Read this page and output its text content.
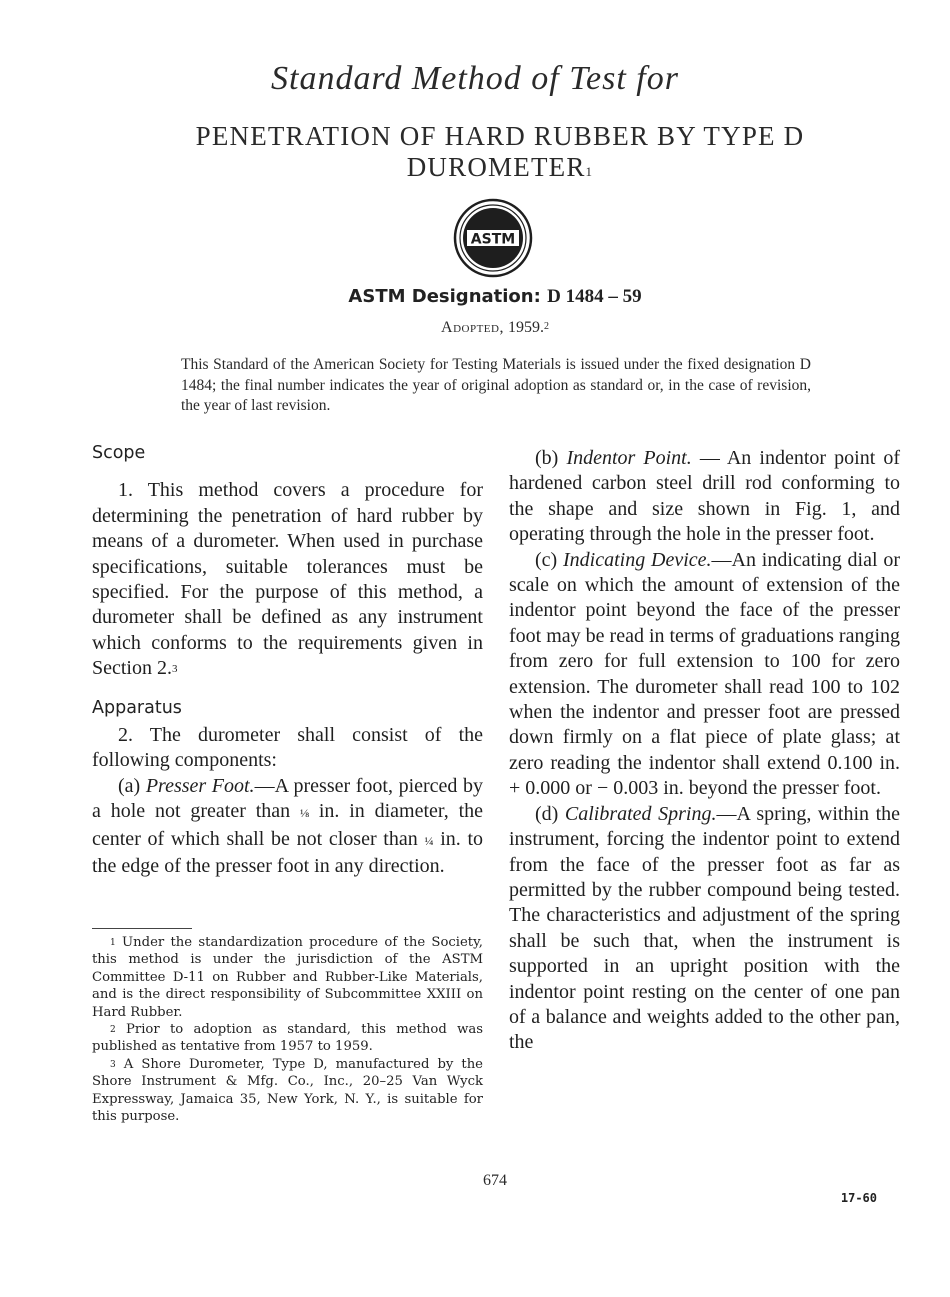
Standard Method of Test for
PENETRATION OF HARD RUBBER BY TYPE D
DUROMETER$^1$
ASTM
ASTM Designation: D 1484 – 59
Adopted, 1959.$^2$
This Standard of the American Society for Testing Materials is issued under the fixed designation D 1484; the final number indicates the year of original adoption as standard or, in the case of revision, the year of last revision.
Scope

1. This method covers a procedure for determining the penetration of hard rubber by means of a durometer. When used in purchase specifications, suitable tolerances must be specified. For the purpose of this method, a durometer shall be defined as any instrument which conforms to the requirements given in Section 2.$^3$

Apparatus

2. The durometer shall consist of the following components:

(a) Presser Foot.—A presser foot, pierced by a hole not greater than ⅛ in. in diameter, the center of which shall be not closer than ¼ in. to the edge of the presser foot in any direction.

$^1$ Under the standardization procedure of the Society, this method is under the jurisdiction of the ASTM Committee D-11 on Rubber and Rubber-Like Materials, and is the direct responsibility of Subcommittee XXIII on Hard Rubber.

$^2$ Prior to adoption as standard, this method was published as tentative from 1957 to 1959.

$^3$ A Shore Durometer, Type D, manufactured by the Shore Instrument & Mfg. Co., Inc., 20–25 Van Wyck Expressway, Jamaica 35, New York, N. Y., is suitable for this purpose.

(b) Indentor Point. — An indentor point of hardened carbon steel drill rod conforming to the shape and size shown in Fig. 1, and operating through the hole in the presser foot.

(c) Indicating Device.—An indicating dial or scale on which the amount of extension of the indentor point beyond the face of the presser foot may be read in terms of graduations ranging from zero for full extension to 100 for zero extension. The durometer shall read 100 to 102 when the indentor and presser foot are pressed down firmly on a flat piece of plate glass; at zero reading the indentor shall extend 0.100 in. + 0.000 or − 0.003 in. beyond the presser foot.

(d) Calibrated Spring.—A spring, within the instrument, forcing the indentor point to extend from the face of the presser foot as far as permitted by the rubber compound being tested. The characteristics and adjustment of the spring shall be such that, when the instrument is supported in an upright position with the indentor point resting on the center of one pan of a balance and weights added to the other pan, the

674
17-60
